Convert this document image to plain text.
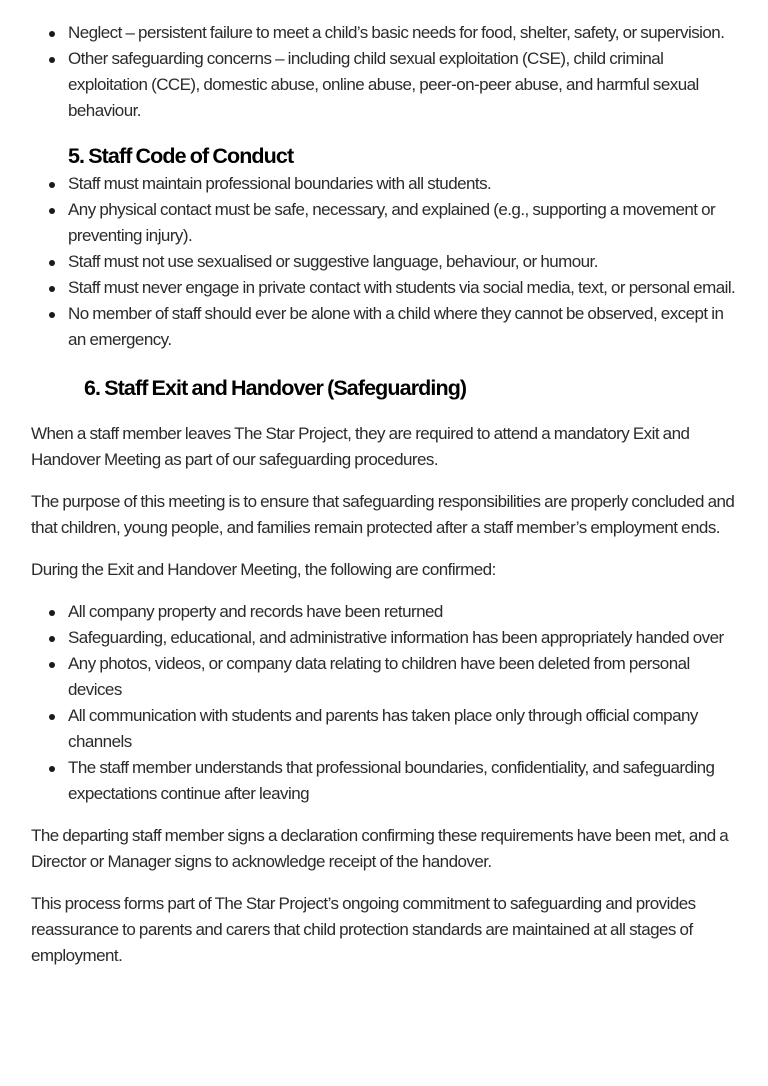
Neglect – persistent failure to meet a child’s basic needs for food, shelter, safety, or supervision.
Other safeguarding concerns – including child sexual exploitation (CSE), child criminal exploitation (CCE), domestic abuse, online abuse, peer-on-peer abuse, and harmful sexual behaviour.
5. Staff Code of Conduct
Staff must maintain professional boundaries with all students.
Any physical contact must be safe, necessary, and explained (e.g., supporting a movement or preventing injury).
Staff must not use sexualised or suggestive language, behaviour, or humour.
Staff must never engage in private contact with students via social media, text, or personal email.
No member of staff should ever be alone with a child where they cannot be observed, except in an emergency.
6. Staff Exit and Handover (Safeguarding)

When a staff member leaves The Star Project, they are required to attend a mandatory Exit and Handover Meeting as part of our safeguarding procedures.

The purpose of this meeting is to ensure that safeguarding responsibilities are properly concluded and that children, young people, and families remain protected after a staff member’s employment ends.

During the Exit and Handover Meeting, the following are confirmed:

All company property and records have been returned
Safeguarding, educational, and administrative information has been appropriately handed over
Any photos, videos, or company data relating to children have been deleted from personal devices
All communication with students and parents has taken place only through official company channels
The staff member understands that professional boundaries, confidentiality, and safeguarding expectations continue after leaving

The departing staff member signs a declaration confirming these requirements have been met, and a Director or Manager signs to acknowledge receipt of the handover.

This process forms part of The Star Project’s ongoing commitment to safeguarding and provides reassurance to parents and carers that child protection standards are maintained at all stages of employment.
